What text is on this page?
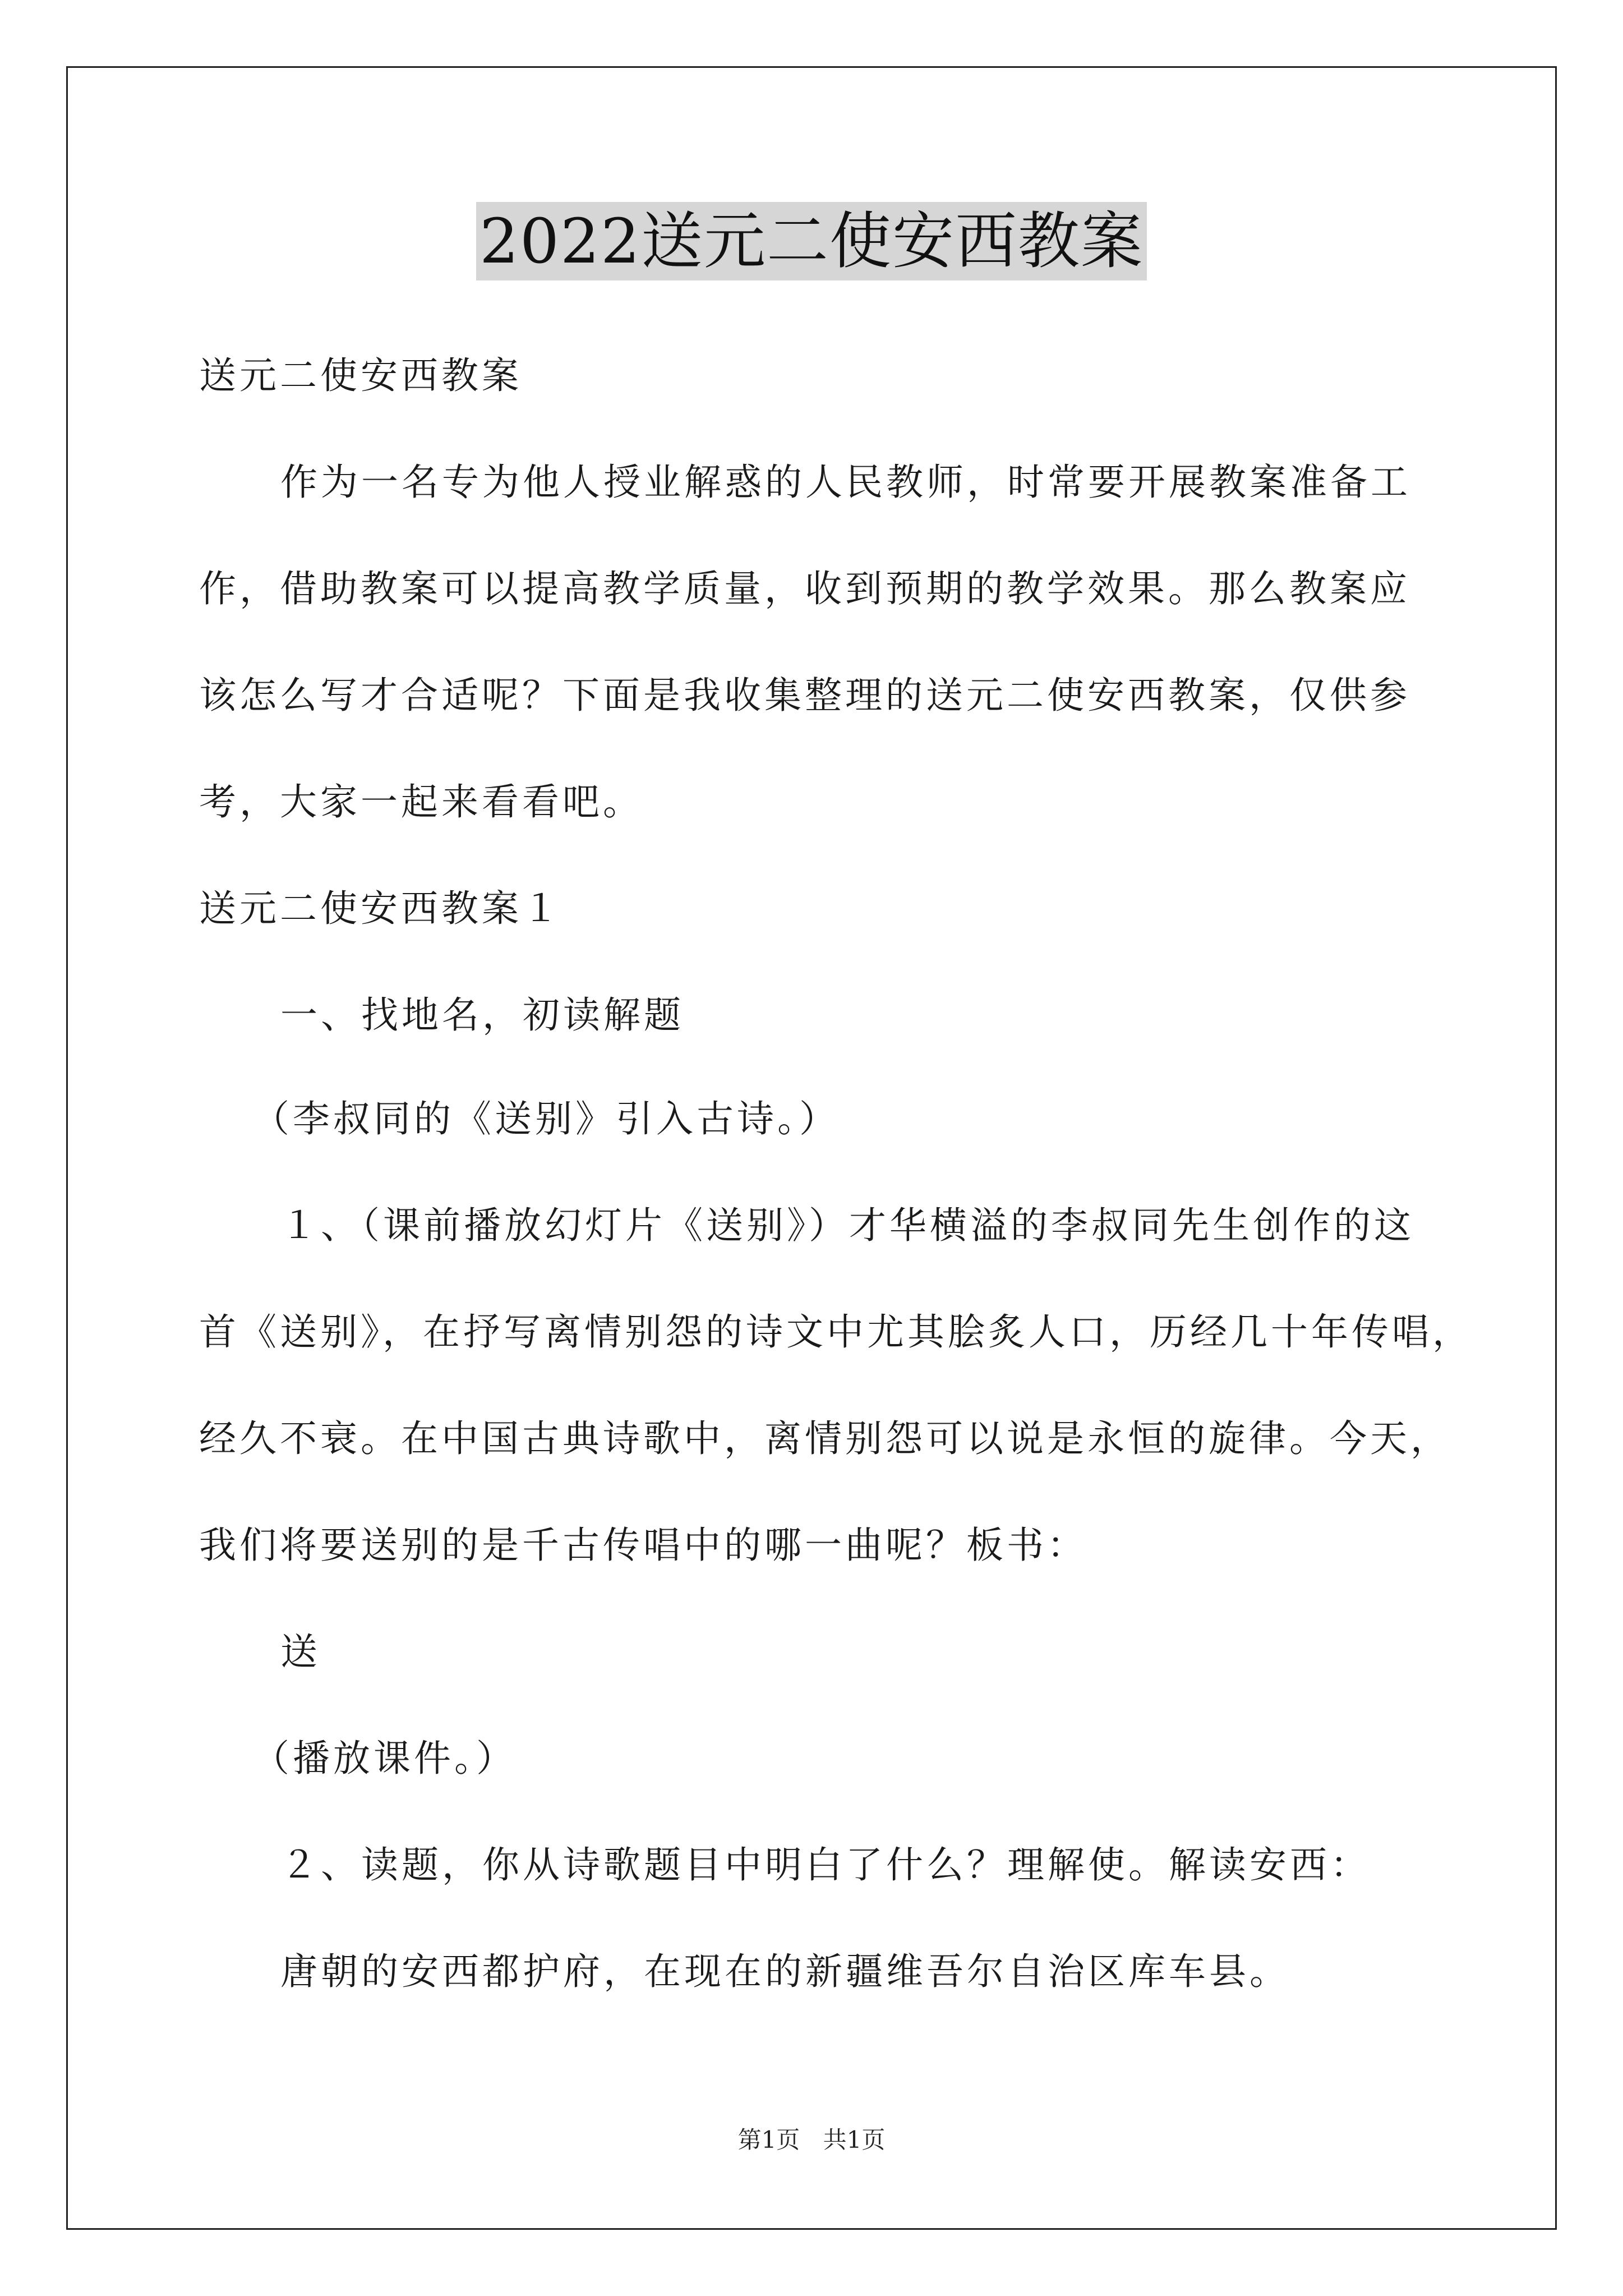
2022送元二使安西教案
送元二使安西教案
作为一名专为他人授业解惑的人民教师，时常要开展教案准备工
作，借助教案可以提高教学质量，收到预期的教学效果。那么教案应
该怎么写才合适呢？下面是我收集整理的送元二使安西教案，仅供参
考，大家一起来看看吧。
送元二使安西教案１
一、找地名，初读解题
（李叔同的《送别》引入古诗。）
１、（课前播放幻灯片《送别》）才华横溢的李叔同先生创作的这
首《送别》，在抒写离情别怨的诗文中尤其脍炙人口，历经几十年传唱，
经久不衰。在中国古典诗歌中，离情别怨可以说是永恒的旋律。今天，
我们将要送别的是千古传唱中的哪一曲呢？板书：
送
（播放课件。）
２、读题，你从诗歌题目中明白了什么？理解使。解读安西：
唐朝的安西都护府，在现在的新疆维吾尔自治区库车县。
第1页 共1页
